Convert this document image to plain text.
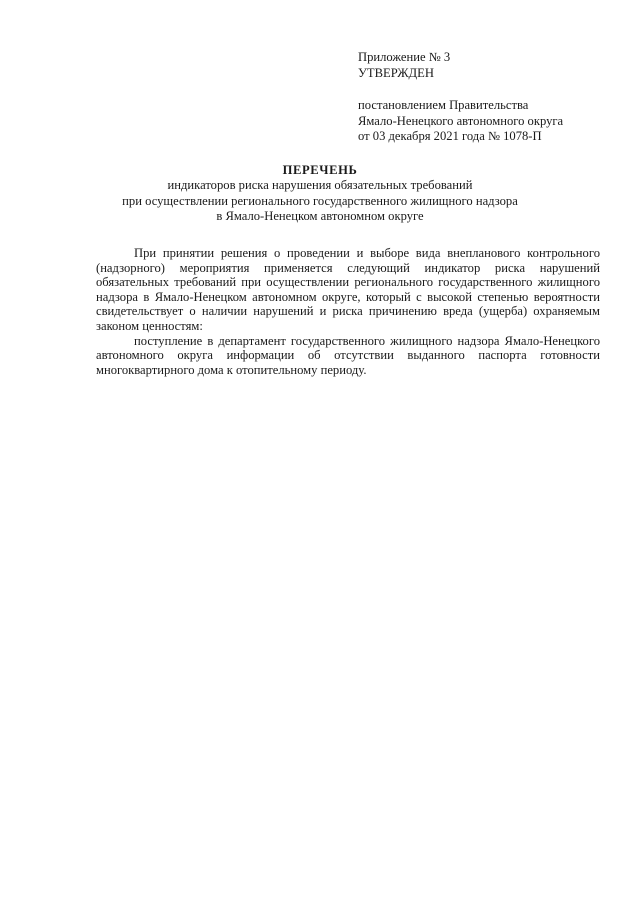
Приложение № 3
УТВЕРЖДЕН
постановлением Правительства
Ямало-Ненецкого автономного округа
от 03 декабря 2021 года № 1078-П
ПЕРЕЧЕНЬ
индикаторов риска нарушения обязательных требований
при осуществлении регионального государственного жилищного надзора
в Ямало-Ненецком автономном округе

При принятии решения о проведении и выборе вида внепланового контрольного (надзорного) мероприятия применяется следующий индикатор риска нарушений обязательных требований при осуществлении регионального государственного жилищного надзора в Ямало-Ненецком автономном округе, который с высокой степенью вероятности свидетельствует о наличии нарушений и риска причинению вреда (ущерба) охраняемым законом ценностям:

поступление в департамент государственного жилищного надзора Ямало-Ненецкого автономного округа информации об отсутствии выданного паспорта готовности многоквартирного дома к отопительному периоду.
